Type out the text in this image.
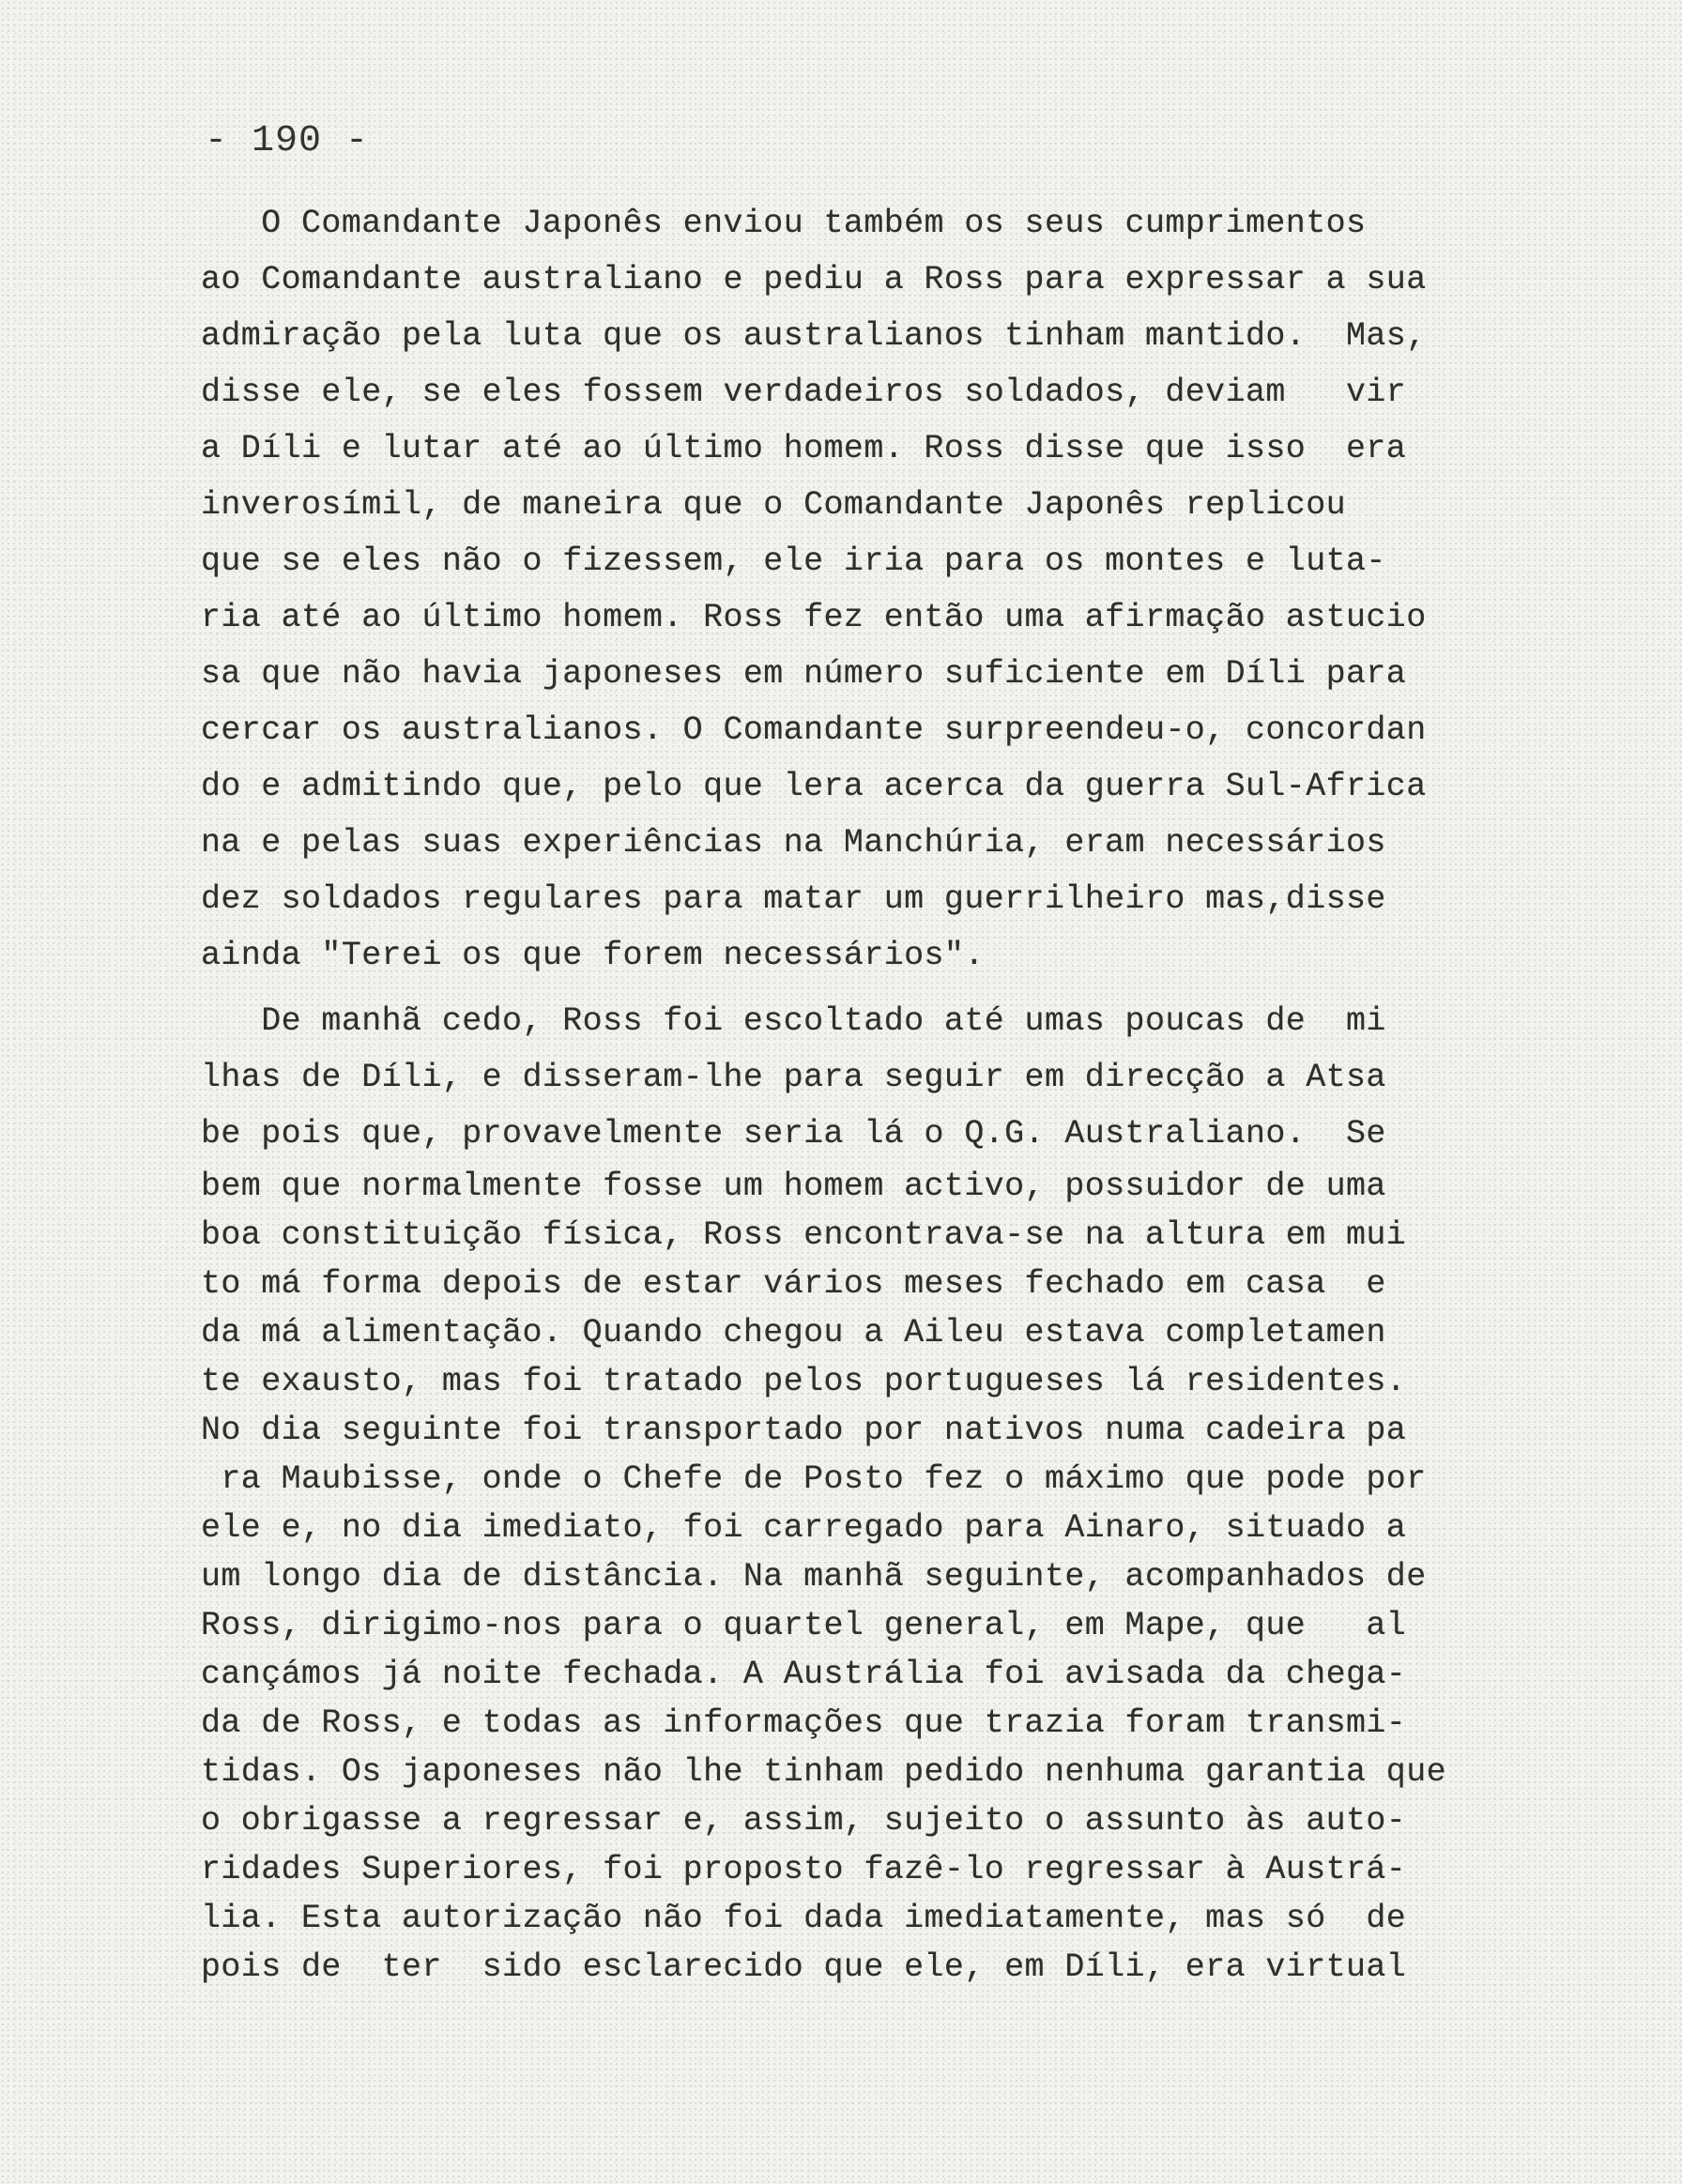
- 190 -
O Comandante Japonês enviou também os seus cumprimentos
ao Comandante australiano e pediu a Ross para expressar a sua
admiração pela luta que os australianos tinham mantido.  Mas,
disse ele, se eles fossem verdadeiros soldados, deviam   vir
a Díli e lutar até ao último homem. Ross disse que isso  era
inverosímil, de maneira que o Comandante Japonês replicou
que se eles não o fizessem, ele iria para os montes e luta-
ria até ao último homem. Ross fez então uma afirmação astucio
sa que não havia japoneses em número suficiente em Díli para
cercar os australianos. O Comandante surpreendeu-o, concordan
do e admitindo que, pelo que lera acerca da guerra Sul-Africa
na e pelas suas experiências na Manchúria, eram necessários
dez soldados regulares para matar um guerrilheiro mas,disse
ainda "Terei os que forem necessários".
De manhã cedo, Ross foi escoltado até umas poucas de  mi
lhas de Díli, e disseram-lhe para seguir em direcção a Atsa
be pois que, provavelmente seria lá o Q.G. Australiano.  Se
bem que normalmente fosse um homem activo, possuidor de uma
boa constituição física, Ross encontrava-se na altura em mui
to má forma depois de estar vários meses fechado em casa  e
da má alimentação. Quando chegou a Aileu estava completamen
te exausto, mas foi tratado pelos portugueses lá residentes.
No dia seguinte foi transportado por nativos numa cadeira pa
ra Maubisse, onde o Chefe de Posto fez o máximo que pode por
ele e, no dia imediato, foi carregado para Ainaro, situado a
um longo dia de distância. Na manhã seguinte, acompanhados de
Ross, dirigimo-nos para o quartel general, em Mape, que   al
cançámos já noite fechada. A Austrália foi avisada da chega-
da de Ross, e todas as informações que trazia foram transmi-
tidas. Os japoneses não lhe tinham pedido nenhuma garantia que
o obrigasse a regressar e, assim, sujeito o assunto às auto-
ridades Superiores, foi proposto fazê-lo regressar à Austrá-
lia. Esta autorização não foi dada imediatamente, mas só  de
pois de  ter  sido esclarecido que ele, em Díli, era virtual
